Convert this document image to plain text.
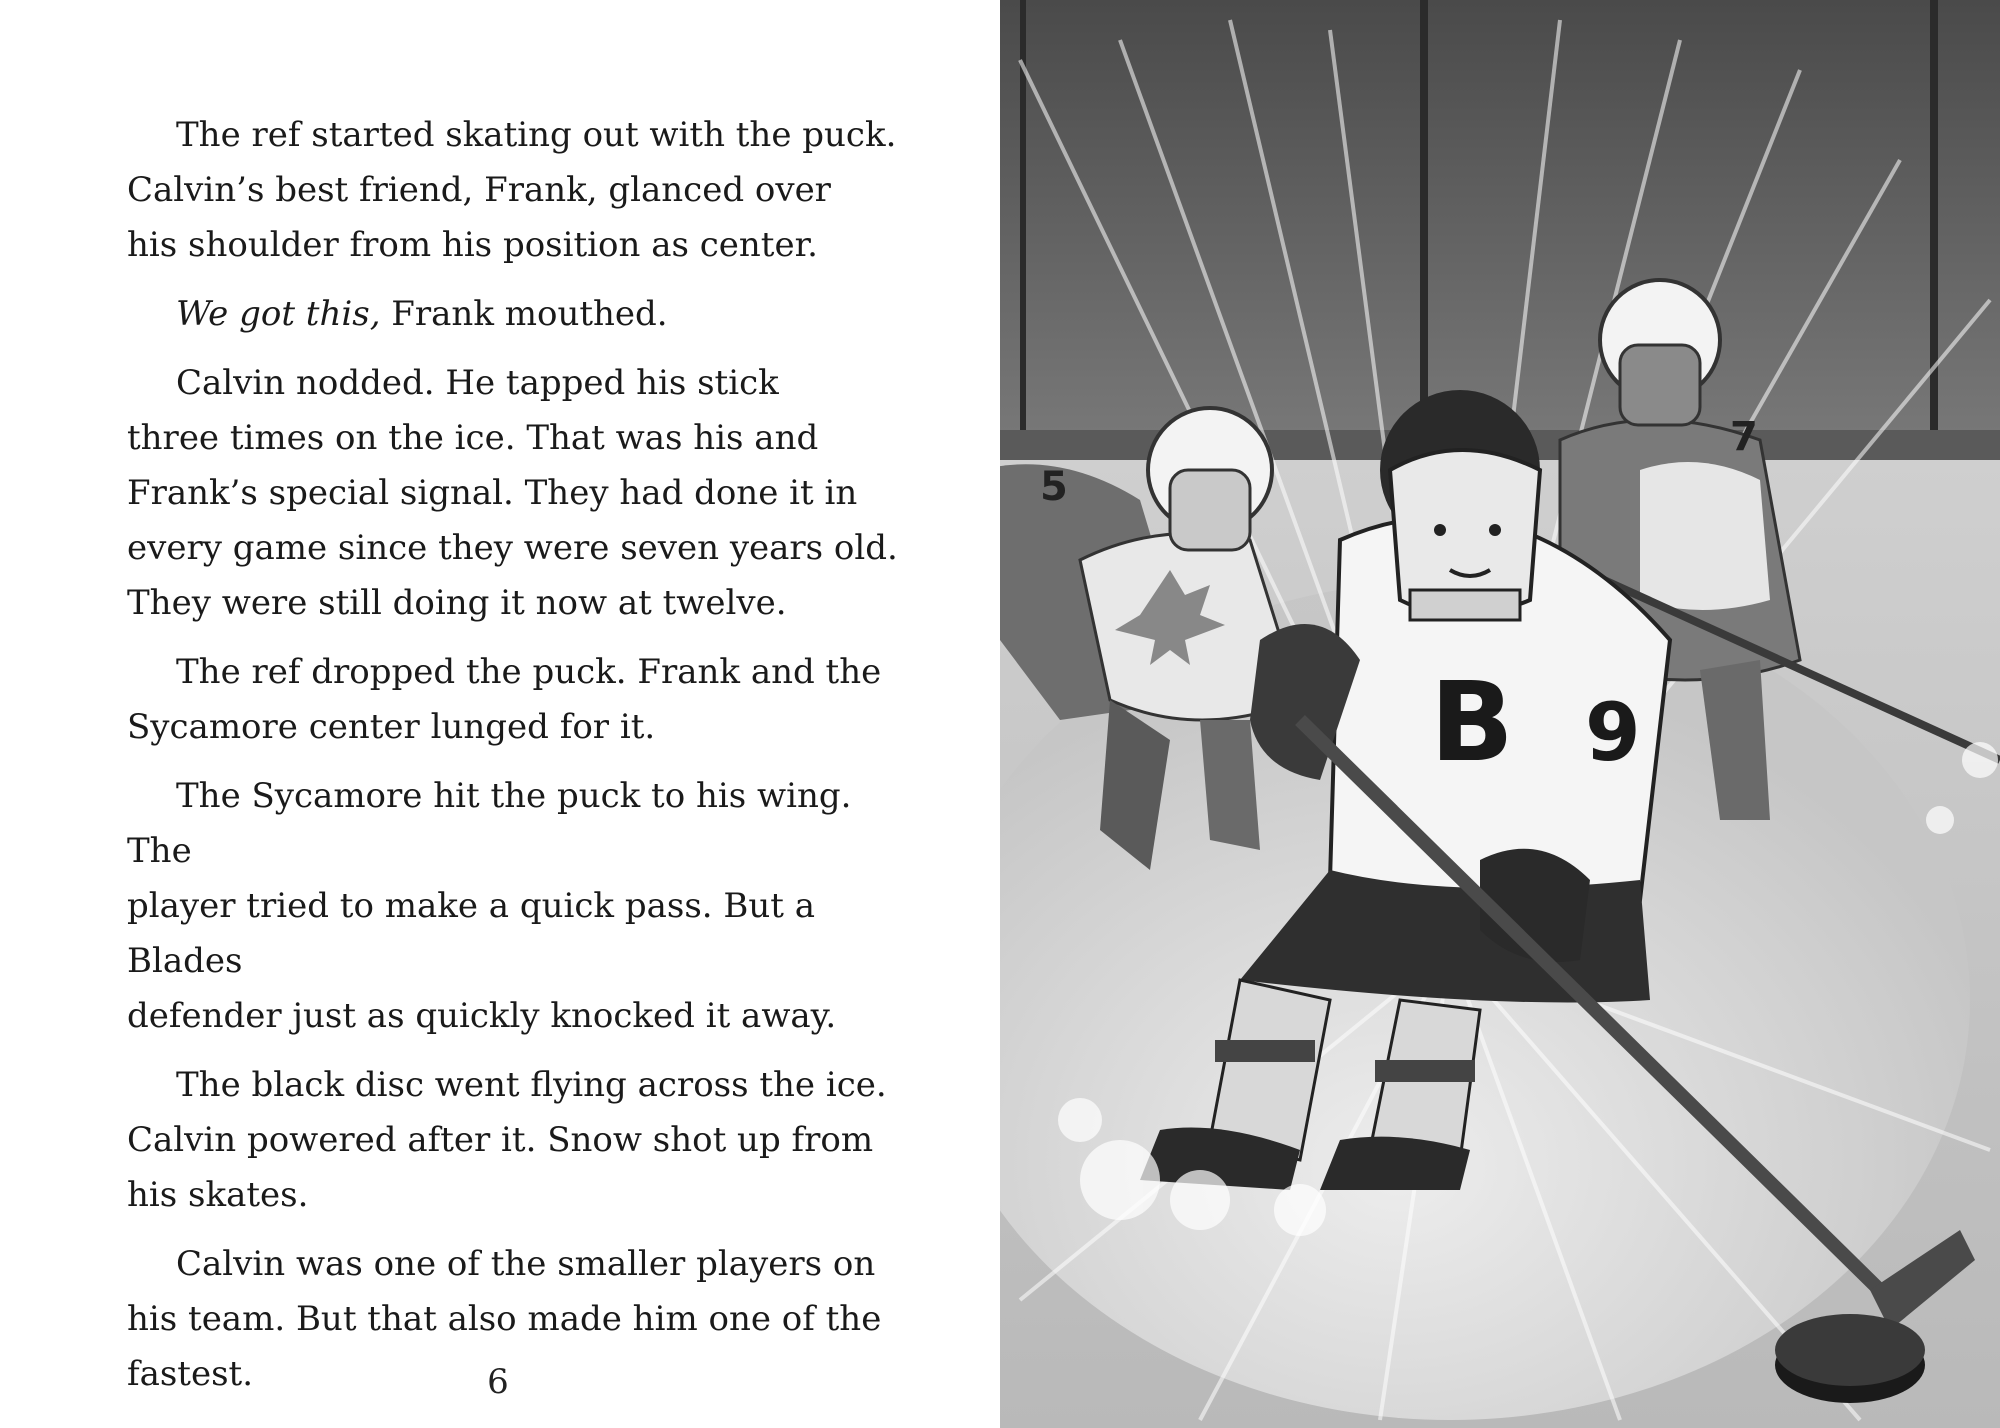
The ref started skating out with the puck.
Calvin’s best friend, Frank, glanced over
his shoulder from his position as center.

We got this, Frank mouthed.

Calvin nodded. He tapped his stick
three times on the ice. That was his and
Frank’s special signal. They had done it in
every game since they were seven years old.
They were still doing it now at twelve.

The ref dropped the puck. Frank and the
Sycamore center lunged for it.

The Sycamore hit the puck to his wing. The
player tried to make a quick pass. But a Blades
defender just as quickly knocked it away.

The black disc went flying across the ice.
Calvin powered after it. Snow shot up from
his skates.

Calvin was one of the smaller players on
his team. But that also made him one of the
fastest.	6
5
7
B 9
